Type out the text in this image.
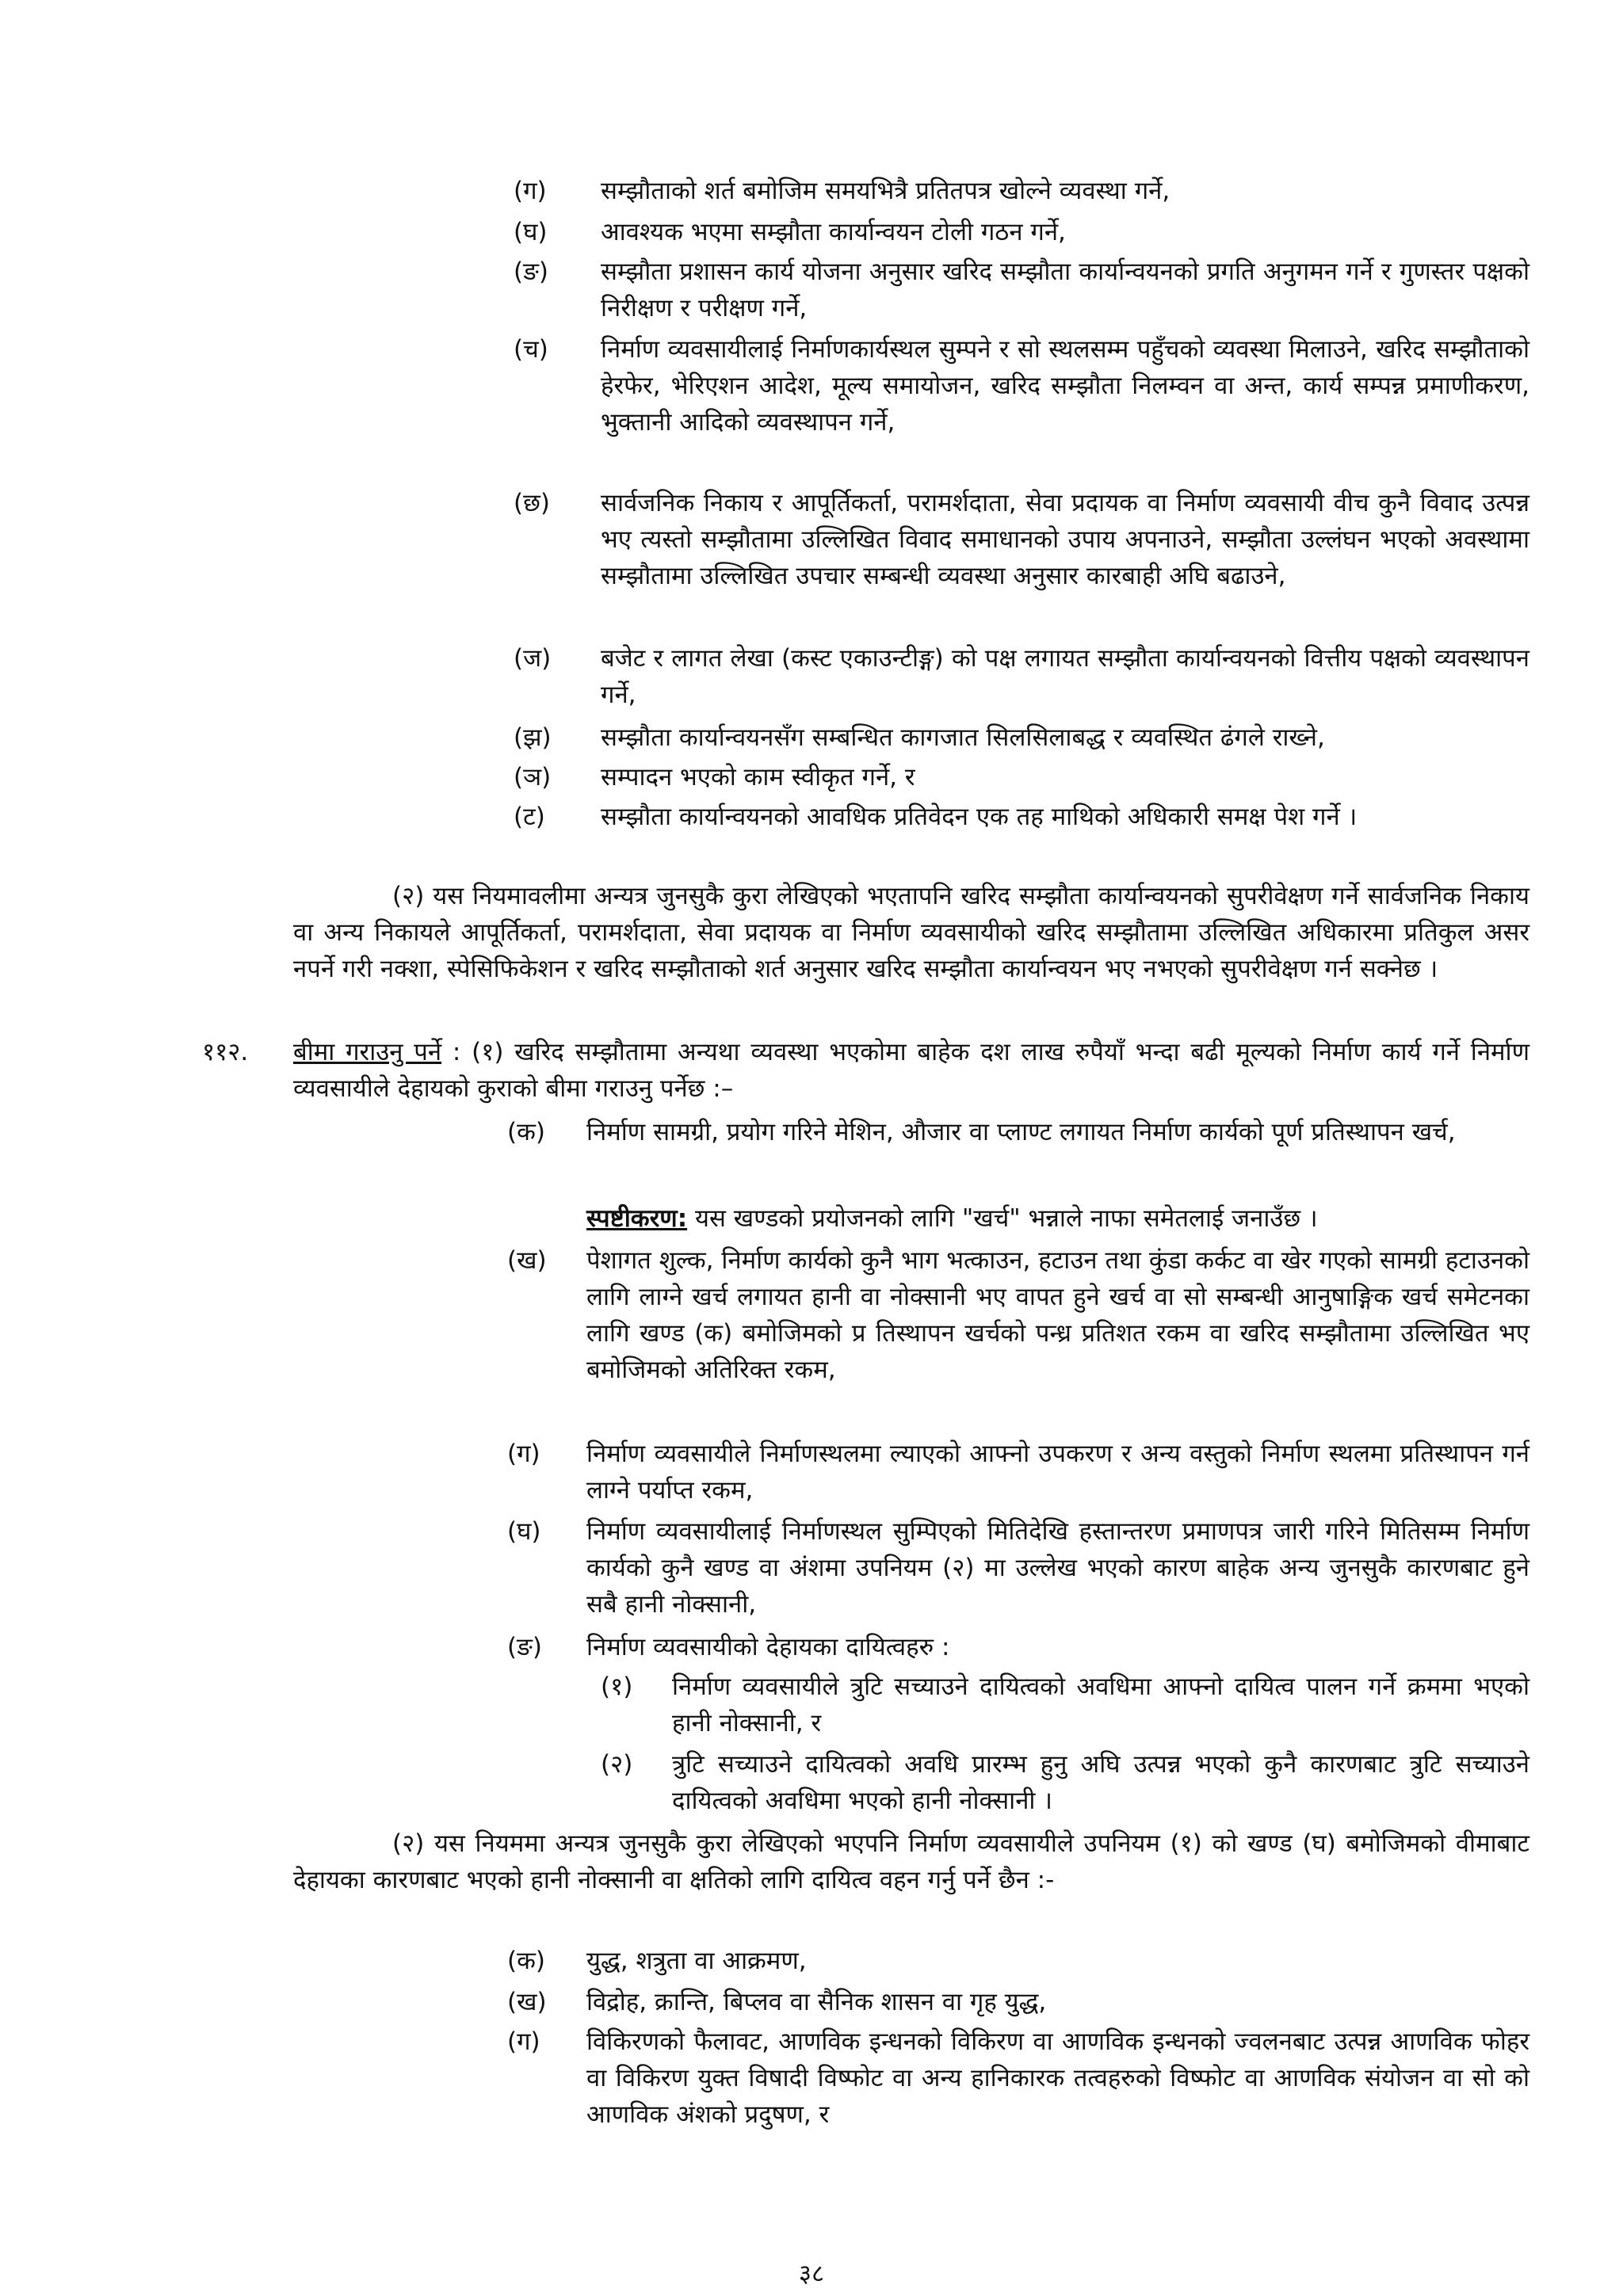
(ग)	सम्झौताको शर्त बमोजिम समयभित्रै प्रतितपत्र खोल्ने व्यवस्था गर्ने,
(घ)	आवश्यक भएमा सम्झौता कार्यान्वयन टोली गठन गर्ने,
(ङ)	सम्झौता प्रशासन कार्य योजना अनुसार खरिद सम्झौता कार्यान्वयनको प्रगति अनुगमन गर्ने र गुणस्तर पक्षको निरीक्षण र परीक्षण गर्ने,
(च)	निर्माण व्यवसायीलाई निर्माणकार्यस्थल सुम्पने र सो स्थलसम्म पहुँचको व्यवस्था मिलाउने, खरिद सम्झौताको हेरफेर, भेरिएशन आदेश, मूल्य समायोजन, खरिद सम्झौता निलम्वन वा अन्त, कार्य सम्पन्न प्रमाणीकरण, भुक्तानी आदिको व्यवस्थापन गर्ने,
(छ)	सार्वजनिक निकाय र आपूर्तिकर्ता, परामर्शदाता, सेवा प्रदायक वा निर्माण व्यवसायी वीच कुनै विवाद उत्पन्न भए त्यस्तो सम्झौतामा उल्लिखित विवाद समाधानको उपाय अपनाउने, सम्झौता उल्लंघन भएको अवस्थामा सम्झौतामा उल्लिखित उपचार सम्बन्धी व्यवस्था अनुसार कारबाही अघि बढाउने,
(ज)	बजेट र लागत लेखा (कस्ट एकाउन्टीङ्ग) को पक्ष लगायत सम्झौता कार्यान्वयनको वित्तीय पक्षको व्यवस्थापन गर्ने,
(झ)	सम्झौता कार्यान्वयनसँग सम्बन्धित कागजात सिलसिलाबद्ध र व्यवस्थित ढंगले राख्ने,
(ञ)	सम्पादन भएको काम स्वीकृत गर्ने, र
(ट)	सम्झौता कार्यान्वयनको आवधिक प्रतिवेदन एक तह माथिको अधिकारी समक्ष पेश गर्ने ।
(२) यस नियमावलीमा अन्यत्र जुनसुकै कुरा लेखिएको भएतापनि खरिद सम्झौता कार्यान्वयनको सुपरीवेक्षण गर्ने सार्वजनिक निकाय वा अन्य निकायले आपूर्तिकर्ता, परामर्शदाता, सेवा प्रदायक वा निर्माण व्यवसायीको खरिद सम्झौतामा उल्लिखित अधिकारमा प्रतिकुल असर नपर्ने गरी नक्शा, स्पेसिफिकेशन र खरिद सम्झौताको शर्त अनुसार खरिद सम्झौता कार्यान्वयन भए नभएको सुपरीवेक्षण गर्न सक्नेछ ।
११२. बीमा गराउनु पर्ने : (१) खरिद सम्झौतामा अन्यथा व्यवस्था भएकोमा बाहेक दश लाख रुपैयाँ भन्दा बढी मूल्यको निर्माण कार्य गर्ने निर्माण व्यवसायीले देहायको कुराको बीमा गराउनु पर्नेछ :–
(क)	निर्माण सामग्री, प्रयोग गरिने मेशिन, औजार वा प्लाण्ट लगायत निर्माण कार्यको पूर्ण प्रतिस्थापन खर्च,
स्पष्टीकरण: यस खण्डको प्रयोजनको लागि "खर्च" भन्नाले नाफा समेतलाई जनाउँछ ।
(ख)	पेशागत शुल्क, निर्माण कार्यको कुनै भाग भत्काउन, हटाउन तथा कुंडा कर्कट वा खेर गएको सामग्री हटाउनको लागि लाग्ने खर्च लगायत हानी वा नोक्सानी भए वापत हुने खर्च वा सो सम्बन्धी आनुषाङ्गिक खर्च समेटनका लागि खण्ड (क) बमोजिमको प्र तिस्थापन खर्चको पन्ध्र प्रतिशत रकम वा खरिद सम्झौतामा उल्लिखित भए बमोजिमको अतिरिक्त रकम,
(ग)	निर्माण व्यवसायीले निर्माणस्थलमा ल्याएको आफ्नो उपकरण र अन्य वस्तुको निर्माण स्थलमा प्रतिस्थापन गर्न लाग्ने पर्याप्त रकम,
(घ)	निर्माण व्यवसायीलाई निर्माणस्थल सुम्पिएको मितिदेखि हस्तान्तरण प्रमाणपत्र जारी गरिने मितिसम्म निर्माण कार्यको कुनै खण्ड वा अंशमा उपनियम (२) मा उल्लेख भएको कारण बाहेक अन्य जुनसुकै कारणबाट हुने सबै हानी नोक्सानी,
(ङ)	निर्माण व्यवसायीको देहायका दायित्वहरु :
(१)	निर्माण व्यवसायीले त्रुटि सच्याउने दायित्वको अवधिमा आफ्नो दायित्व पालन गर्ने क्रममा भएको हानी नोक्सानी, र
(२)	त्रुटि सच्याउने दायित्वको अवधि प्रारम्भ हुनु अघि उत्पन्न भएको कुनै कारणबाट त्रुटि सच्याउने दायित्वको अवधिमा भएको हानी नोक्सानी ।
(२) यस नियममा अन्यत्र जुनसुकै कुरा लेखिएको भएपनि निर्माण व्यवसायीले उपनियम (१) को खण्ड (घ) बमोजिमको वीमाबाट देहायका कारणबाट भएको हानी नोक्सानी वा क्षतिको लागि दायित्व वहन गर्नु पर्ने छैन :-
(क)	युद्ध, शत्रुता वा आक्रमण,
(ख)	विद्रोह, क्रान्ति, बिप्लव वा सैनिक शासन वा गृह युद्ध,
(ग)	विकिरणको फैलावट, आणविक इन्धनको विकिरण वा आणविक इन्धनको ज्वलनबाट उत्पन्न आणविक फोहर वा विकिरण युक्त विषादी विष्फोट वा अन्य हानिकारक तत्वहरुको विष्फोट वा आणविक संयोजन वा सो को आणविक अंशको प्रदुषण, र
३८
